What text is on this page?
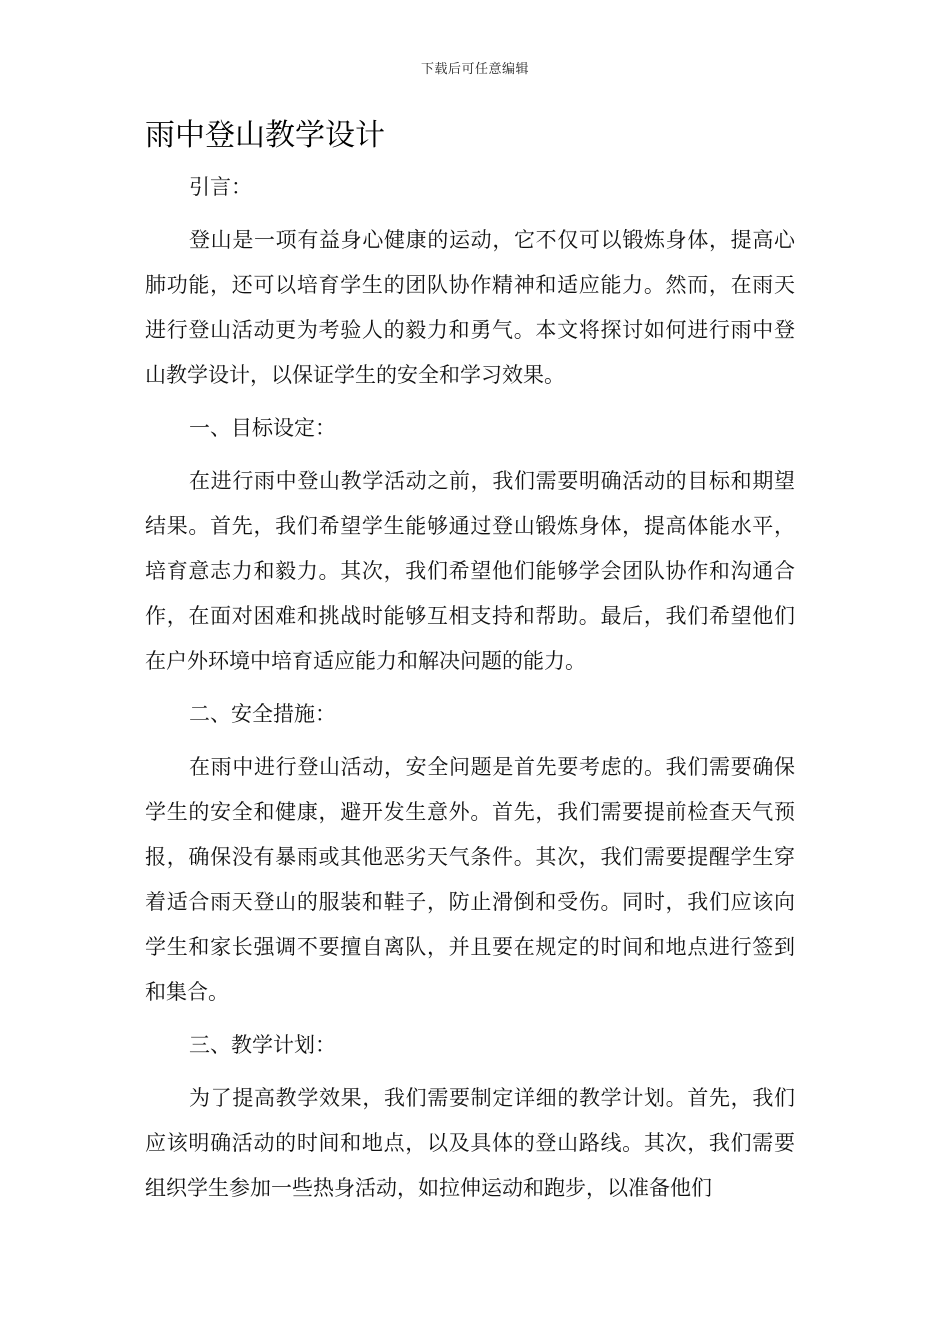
下载后可任意编辑
雨中登山教学设计

引言：

登山是一项有益身心健康的运动，它不仅可以锻炼身体，提高心肺功能，还可以培育学生的团队协作精神和适应能力。然而，在雨天进行登山活动更为考验人的毅力和勇气。本文将探讨如何进行雨中登山教学设计，以保证学生的安全和学习效果。

一、目标设定：

在进行雨中登山教学活动之前，我们需要明确活动的目标和期望结果。首先，我们希望学生能够通过登山锻炼身体，提高体能水平，培育意志力和毅力。其次，我们希望他们能够学会团队协作和沟通合作，在面对困难和挑战时能够互相支持和帮助。最后，我们希望他们在户外环境中培育适应能力和解决问题的能力。

二、安全措施：

在雨中进行登山活动，安全问题是首先要考虑的。我们需要确保学生的安全和健康，避开发生意外。首先，我们需要提前检查天气预报，确保没有暴雨或其他恶劣天气条件。其次，我们需要提醒学生穿着适合雨天登山的服装和鞋子，防止滑倒和受伤。同时，我们应该向学生和家长强调不要擅自离队，并且要在规定的时间和地点进行签到和集合。

三、教学计划：

为了提高教学效果，我们需要制定详细的教学计划。首先，我们应该明确活动的时间和地点，以及具体的登山路线。其次，我们需要组织学生参加一些热身活动，如拉伸运动和跑步，以准备他们
